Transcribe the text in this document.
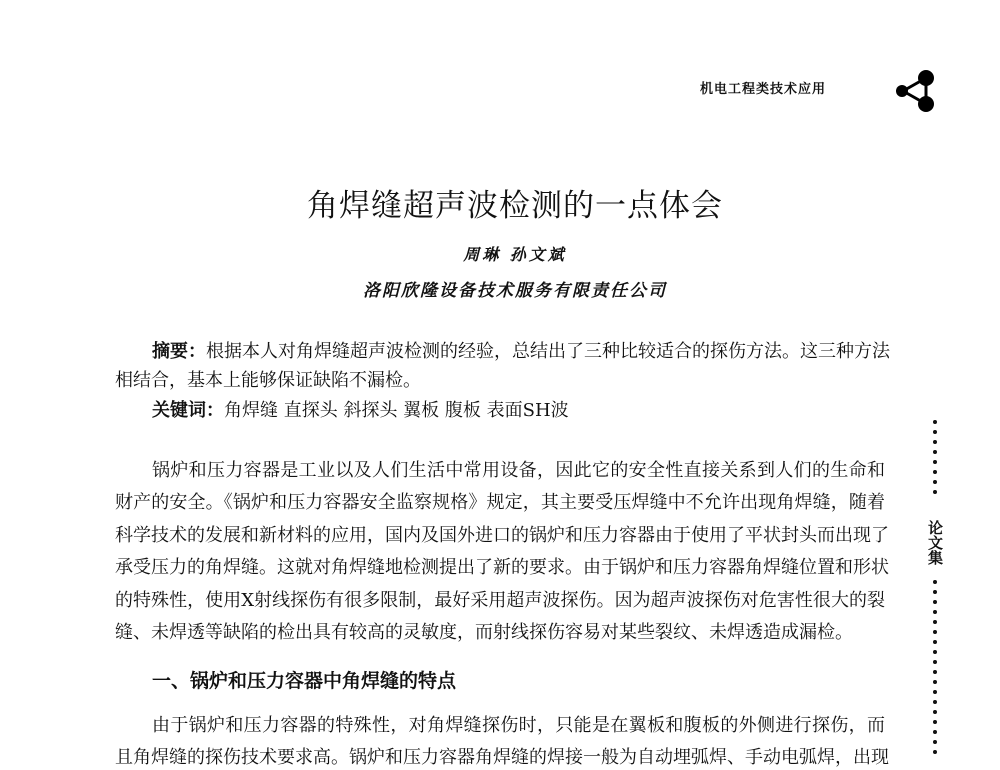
机电工程类技术应用
角焊缝超声波检测的一点体会
周琳 孙文斌
洛阳欣隆设备技术服务有限责任公司
摘要：根据本人对角焊缝超声波检测的经验，总结出了三种比较适合的探伤方法。这三种方法
相结合，基本上能够保证缺陷不漏检。
关键词：角焊缝 直探头 斜探头 翼板 腹板 表面SH波
锅炉和压力容器是工业以及人们生活中常用设备，因此它的安全性直接关系到人们的生命和
财产的安全。《锅炉和压力容器安全监察规格》规定，其主要受压焊缝中不允许出现角焊缝，随着
科学技术的发展和新材料的应用，国内及国外进口的锅炉和压力容器由于使用了平状封头而出现了
承受压力的角焊缝。这就对角焊缝地检测提出了新的要求。由于锅炉和压力容器角焊缝位置和形状
的特殊性，使用X射线探伤有很多限制，最好采用超声波探伤。因为超声波探伤对危害性很大的裂
缝、未焊透等缺陷的检出具有较高的灵敏度，而射线探伤容易对某些裂纹、未焊透造成漏检。
一、锅炉和压力容器中角焊缝的特点
由于锅炉和压力容器的特殊性，对角焊缝探伤时，只能是在翼板和腹板的外侧进行探伤，而
且角焊缝的探伤技术要求高。锅炉和压力容器角焊缝的焊接一般为自动埋弧焊、手动电弧焊，出现
论文集
